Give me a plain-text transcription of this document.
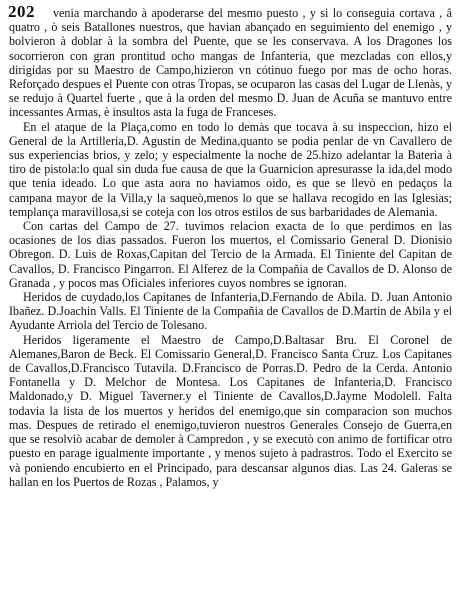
202	venia marchando à apoderarse del mesmo puesto , y si lo conseguia cortava , â quatro , ò seis Batallones nuestros, que havian abançado en seguimiento del enemigo , y bolvieron à doblar à la sombra del Puente, que se les conservava. A los Dragones los socorrieron con gran prontitud ocho mangas de Infanteria, que mezcladas con ellos,y dirigidas por su Maestro de Campo,hizieron vn cótinuo fuego por mas de ocho horas. Reforçado despues el Puente con otras Tropas, se ocuparon las casas del Lugar de Llenàs, y se redujo à Quartel fuerte , que à la orden del mesmo D. Juan de Acuña se mantuvo entre incessantes Armas, è insultos asta la fuga de Franceses.

En el ataque de la Plaça,como en todo lo demàs que tocava à su inspeccion, hizo el General de la Artilleria,D. Agustin de Medina,quanto se podia penlar de vn Cavallero de sus experiencias brios, y zelo; y especialmente la noche de 25.hizo adelantar la Bateria à tiro de pistola:lo qual sin duda fue causa de que la Guarnicion apresurasse la ida,del modo que tenia ideado. Lo que asta aora no haviamos oido, es que se llevò en pedaços la campana mayor de la Villa,y la saqueò,menos lo que se hallava recogido en las Iglesias; templança maravillosa,si se coteja con los otros estilos de sus barbaridades de Alemania.

Con cartas del Campo de 27. tuvimos relacion exacta de lo que perdimos en las ocasiones de los dias passados. Fueron los muertos, el Comissario General D. Dionisio Obregon. D. Luis de Roxas,Capitan del Tercio de la Armada. El Tiniente del Capitan de Cavallos, D. Francisco Pingarron. El Alferez de la Compañia de Cavallos de D. Alonso de Granada , y pocos mas Oficiales inferiores cuyos nombres se ignoran.

Heridos de cuydado,los Capitanes de Infanteria,D.Fernando de Abila. D. Juan Antonio Ibañez. D.Joachin Valls. El Tiniente de la Compañia de Cavallos de D.Martin de Abila y el Ayudante Arriola del Tercio de Tolesano.

Heridos ligeramente el Maestro de Campo,D.Baltasar Bru. El Coronel de Alemanes,Baron de Beck. El Comissario General,D. Francisco Santa Cruz. Los Capitanes de Cavallos,D.Francisco Tutavila. D.Francisco de Porras.D. Pedro de la Cerda. Antonio Fontanella y D. Melchor de Montesa. Los Capitanes de Infanteria,D. Francisco Maldonado,y D. Miguel Taverner.y el Tiniente de Cavallos,D.Jayme Modolell. Falta todavia la lista de los muertos y heridos del enemigo,que sin comparacion son muchos mas. Despues de retirado el enemigo,tuvieron nuestros Generales Consejo de Guerra,en que se resolviò acabar de demoler à Campredon , y se executò con animo de fortificar otro puesto en parage igualmente importante , y menos sujeto à padrastros. Todo el Exercito se và poniendo encubierto en el Principado, para descansar algunos dias. Las 24. Galeras se hallan en los Puertos de Rozas , Palamos, y
